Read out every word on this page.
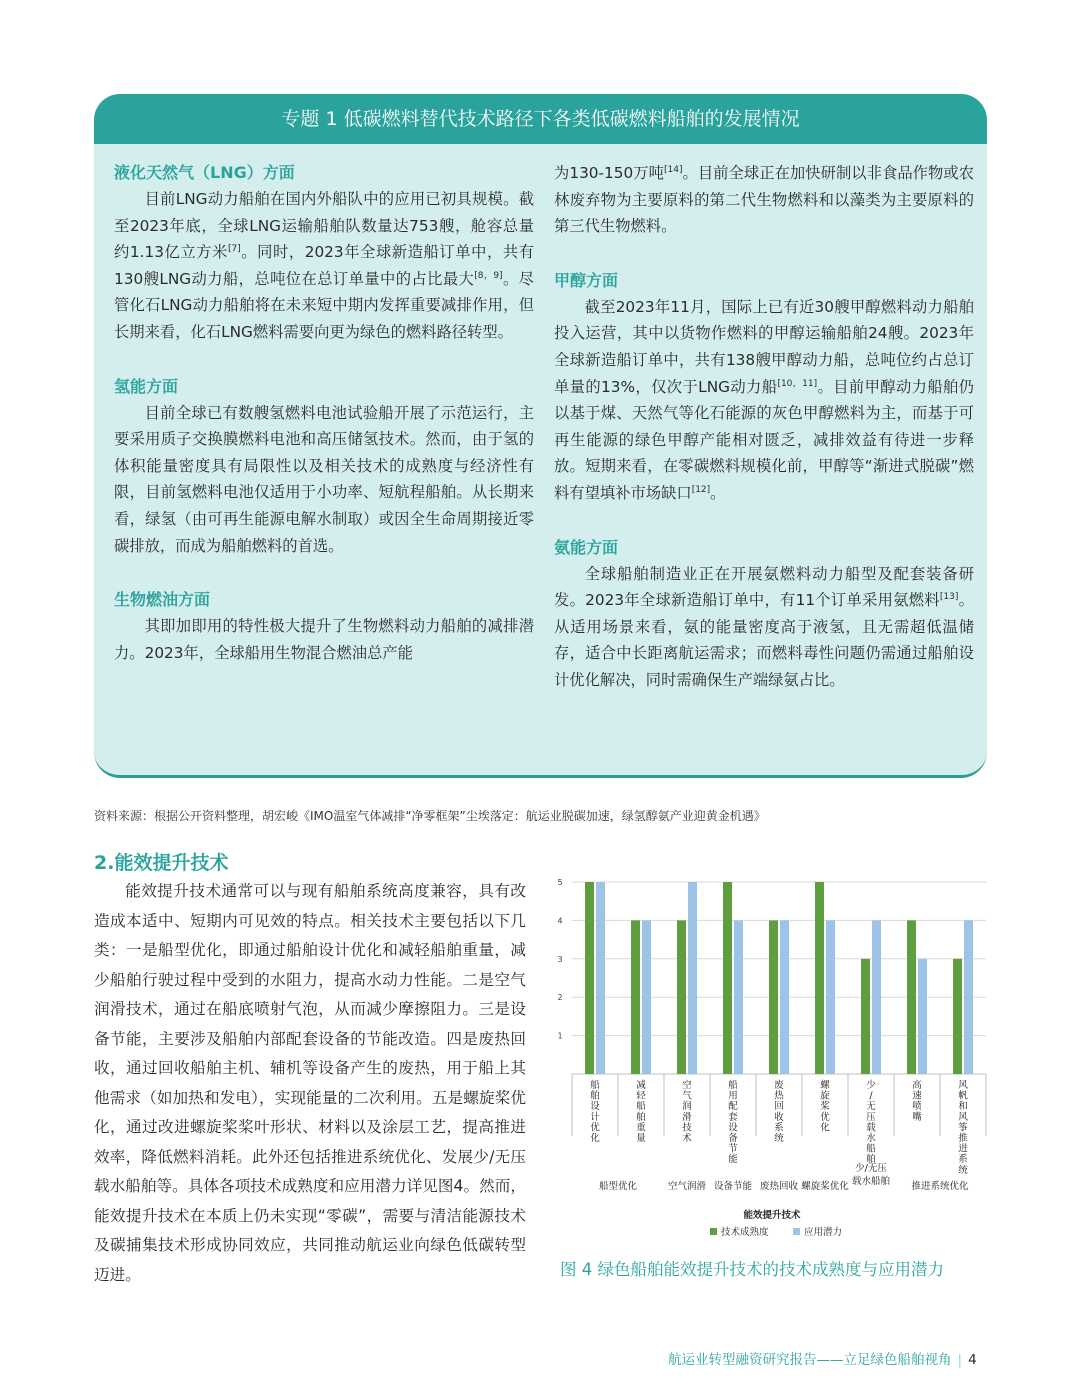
专题 1 低碳燃料替代技术路径下各类低碳燃料船舶的发展情况

液化天然气（LNG）方面

目前LNG动力船舶在国内外船队中的应用已初具规模。截至2023年底，全球LNG运输船舶队数量达753艘，舱容总量约1.13亿立方米[7]。同时，2023年全球新造船订单中，共有130艘LNG动力船，总吨位在总订单量中的占比最大[8，9]。尽管化石LNG动力船舶将在未来短中期内发挥重要减排作用，但长期来看，化石LNG燃料需要向更为绿色的燃料路径转型。

氢能方面

目前全球已有数艘氢燃料电池试验船开展了示范运行，主要采用质子交换膜燃料电池和高压储氢技术。然而，由于氢的体积能量密度具有局限性以及相关技术的成熟度与经济性有限，目前氢燃料电池仅适用于小功率、短航程船舶。从长期来看，绿氢（由可再生能源电解水制取）或因全生命周期接近零碳排放，而成为船舶燃料的首选。

生物燃油方面

其即加即用的特性极大提升了生物燃料动力船舶的减排潜力。2023年，全球船用生物混合燃油总产能

为130-150万吨[14]。目前全球正在加快研制以非食品作物或农林废弃物为主要原料的第二代生物燃料和以藻类为主要原料的第三代生物燃料。

甲醇方面

截至2023年11月，国际上已有近30艘甲醇燃料动力船舶投入运营，其中以货物作燃料的甲醇运输船舶24艘。2023年全球新造船订单中，共有138艘甲醇动力船，总吨位约占总订单量的13%，仅次于LNG动力船[10，11]。目前甲醇动力船舶仍以基于煤、天然气等化石能源的灰色甲醇燃料为主，而基于可再生能源的绿色甲醇产能相对匮乏，减排效益有待进一步释放。短期来看，在零碳燃料规模化前，甲醇等“渐进式脱碳”燃料有望填补市场缺口[12]。

氨能方面

全球船舶制造业正在开展氨燃料动力船型及配套装备研发。2023年全球新造船订单中，有11个订单采用氨燃料[13]。从适用场景来看，氨的能量密度高于液氢，且无需超低温储存，适合中长距离航运需求；而燃料毒性问题仍需通过船舶设计优化解决，同时需确保生产端绿氨占比。

资料来源：根据公开资料整理，胡宏峻《IMO温室气体减排“净零框架”尘埃落定：航运业脱碳加速，绿氢醇氨产业迎黄金机遇》
2.能效提升技术
能效提升技术通常可以与现有船舶系统高度兼容，具有改造成本适中、短期内可见效的特点。相关技术主要包括以下几类：一是船型优化，即通过船舶设计优化和减轻船舶重量，减少船舶行驶过程中受到的水阻力，提高水动力性能。二是空气润滑技术，通过在船底喷射气泡，从而减少摩擦阻力。三是设备节能，主要涉及船舶内部配套设备的节能改造。四是废热回收，通过回收船舶主机、辅机等设备产生的废热，用于船上其他需求（如加热和发电），实现能量的二次利用。五是螺旋桨优化，通过改进螺旋桨桨叶形状、材料以及涂层工艺，提高推进效率，降低燃料消耗。此外还包括推进系统优化、发展少/无压载水船舶等。具体各项技术成熟度和应用潜力详见图4。然而，能效提升技术在本质上仍未实现“零碳”，需要与清洁能源技术及碳捕集技术形成协同效应，共同推动航运业向绿色低碳转型迈进。
1
2
3
4
5
船舶设计优化
减轻船舶重量
空气润滑技术
船用配套设备节能
废热回收系统
螺旋桨优化
少/无压载水船舶
高速喷嘴
风帆和风筝推进系统
船型优化	空气润滑 设备节能 废热回收 螺旋桨优化
少/无压载水船舶 推进系统优化
能效提升技术
技术成熟度	应用潜力
图 4 绿色船舶能效提升技术的技术成熟度与应用潜力
航运业转型融资研究报告——立足绿色船舶视角 | 4
